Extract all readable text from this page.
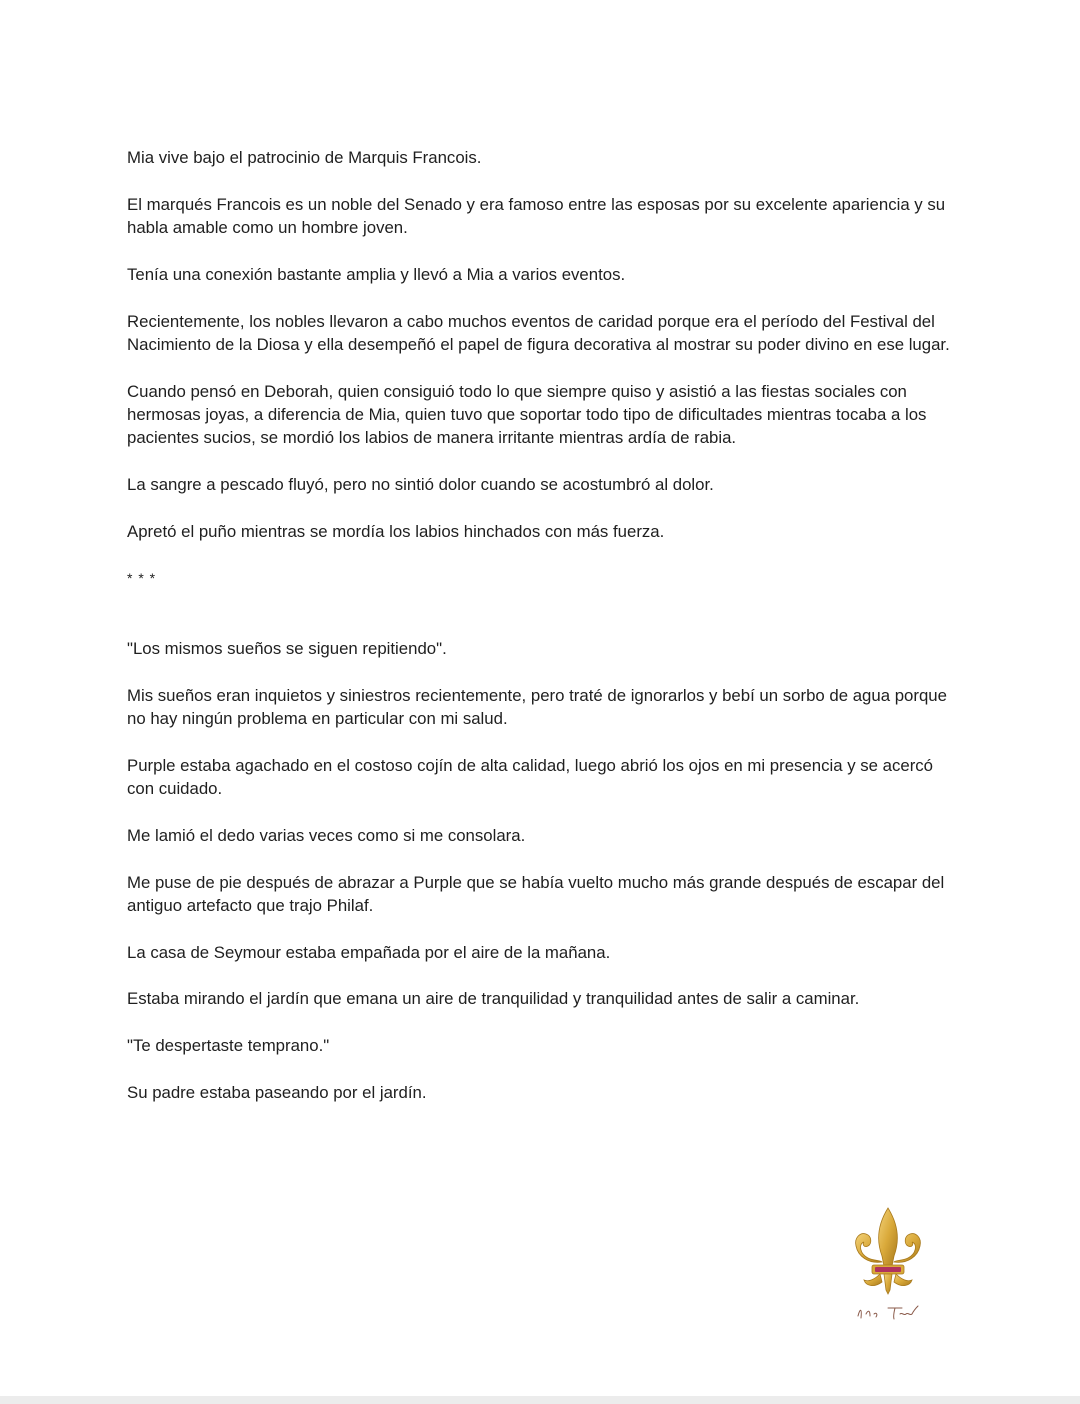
Mia vive bajo el patrocinio de Marquis Francois.

El marqués Francois es un noble del Senado y era famoso entre las esposas por su excelente apariencia y su habla amable como un hombre joven.

Tenía una conexión bastante amplia y llevó a Mia a varios eventos.

Recientemente, los nobles llevaron a cabo muchos eventos de caridad porque era el período del Festival del Nacimiento de la Diosa y ella desempeñó el papel de figura decorativa al mostrar su poder divino en ese lugar.

Cuando pensó en Deborah, quien consiguió todo lo que siempre quiso y asistió a las fiestas sociales con hermosas joyas, a diferencia de Mia, quien tuvo que soportar todo tipo de dificultades mientras tocaba a los pacientes sucios, se mordió los labios de manera irritante mientras ardía de rabia.

La sangre a pescado fluyó, pero no sintió dolor cuando se acostumbró al dolor.

Apretó el puño mientras se mordía los labios hinchados con más fuerza.

* * *

"Los mismos sueños se siguen repitiendo".

Mis sueños eran inquietos y siniestros recientemente, pero traté de ignorarlos y bebí un sorbo de agua porque no hay ningún problema en particular con mi salud.

Purple estaba agachado en el costoso cojín de alta calidad, luego abrió los ojos en mi presencia y se acercó con cuidado.

Me lamió el dedo varias veces como si me consolara.

Me puse de pie después de abrazar a Purple que se había vuelto mucho más grande después de escapar del antiguo artefacto que trajo Philaf.

La casa de Seymour estaba empañada por el aire de la mañana.

Estaba mirando el jardín que emana un aire de tranquilidad y tranquilidad antes de salir a caminar.

"Te despertaste temprano."

Su padre estaba paseando por el jardín.
